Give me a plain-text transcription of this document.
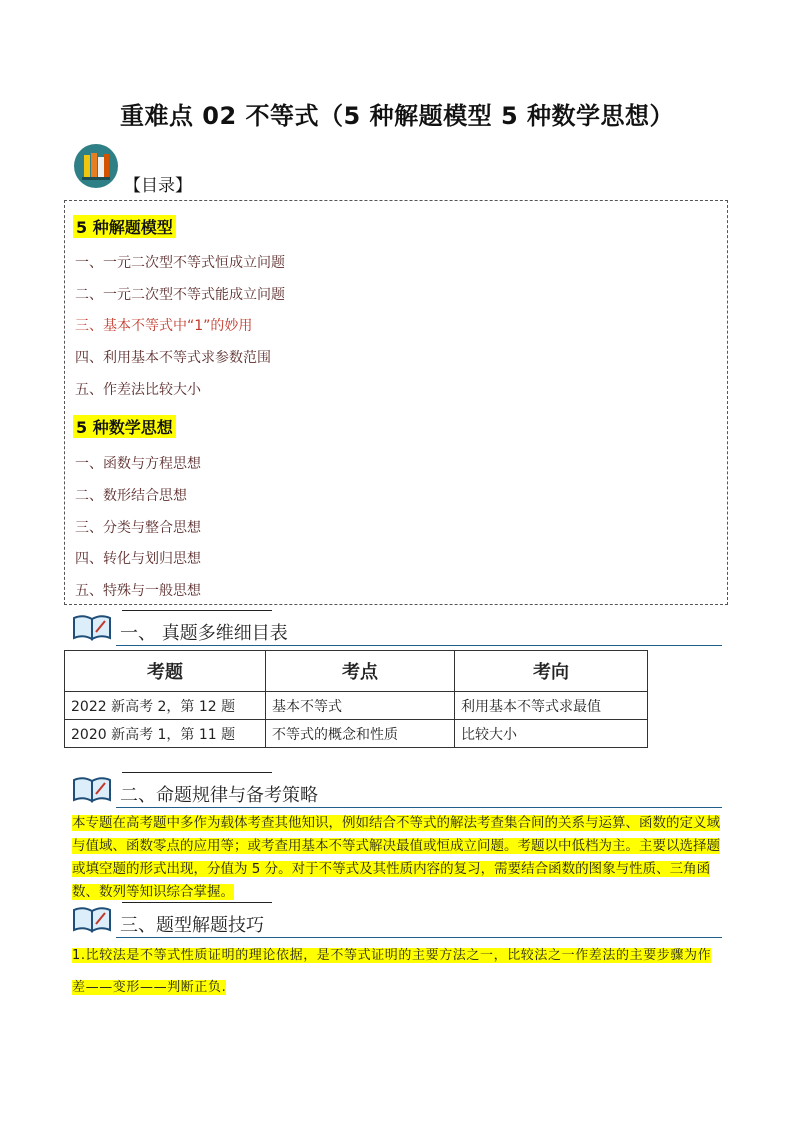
重难点 02 不等式（5 种解题模型 5 种数学思想）
【目录】
5 种解题模型
一、一元二次型不等式恒成立问题
二、一元二次型不等式能成立问题
三、基本不等式中“1”的妙用
四、利用基本不等式求参数范围
五、作差法比较大小
5 种数学思想
一、函数与方程思想
二、数形结合思想
三、分类与整合思想
四、转化与划归思想
五、特殊与一般思想
一、 真题多维细目表
考题	考点	考向
2022 新高考 2，第 12 题	基本不等式	利用基本不等式求最值
2020 新高考 1，第 11 题	不等式的概念和性质	比较大小
二、命题规律与备考策略
本专题在高考题中多作为载体考查其他知识，例如结合不等式的解法考查集合间的关系与运算、函数的定义域与值域、函数零点的应用等；或考查用基本不等式解决最值或恒成立问题。考题以中低档为主。主要以选择题或填空题的形式出现，分值为 5 分。对于不等式及其性质内容的复习，需要结合函数的图象与性质、三角函数、数列等知识综合掌握。
三、题型解题技巧
1.比较法是不等式性质证明的理论依据，是不等式证明的主要方法之一，比较法之一作差法的主要步骤为作差——变形——判断正负.
